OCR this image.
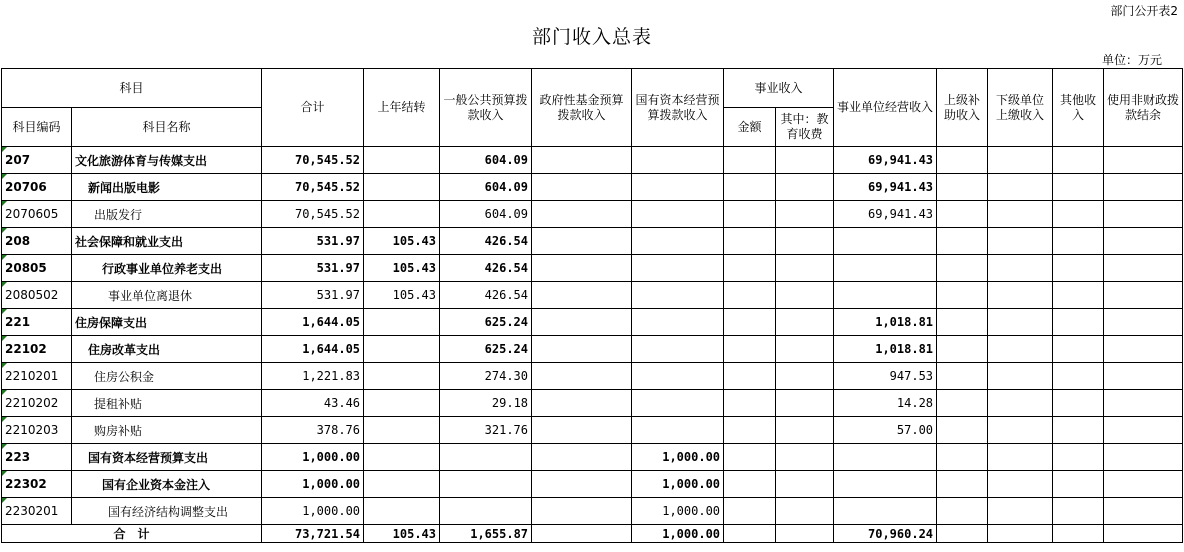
部门公开表2
部门收入总表
单位：万元
科目		合计	上年结转	一般公共预算拨款收入	政府性基金预算拨款收入	国有资本经营预算拨款收入	事业收入		事业单位经营收入	上级补助收入	下级单位上缴收入	其他收入	使用非财政拨款结余
科目编码	科目名称						金额	其中：教育收费					
207	文化旅游体育与传媒支出	70,545.52		604.09					69,941.43				
20706	新闻出版电影	70,545.52		604.09					69,941.43				
2070605	出版发行	70,545.52		604.09					69,941.43				
208	社会保障和就业支出	531.97	105.43	426.54									
20805	行政事业单位养老支出	531.97	105.43	426.54									
2080502	事业单位离退休	531.97	105.43	426.54									
221	住房保障支出	1,644.05		625.24					1,018.81				
22102	住房改革支出	1,644.05		625.24					1,018.81				
2210201	住房公积金	1,221.83		274.30					947.53				
2210202	提租补贴	43.46		29.18					14.28				
2210203	购房补贴	378.76		321.76					57.00				
223	国有资本经营预算支出	1,000.00				1,000.00							
22302	国有企业资本金注入	1,000.00				1,000.00							
2230201	国有经济结构调整支出	1,000.00				1,000.00							
合　计		73,721.54	105.43	1,655.87		1,000.00			70,960.24				
